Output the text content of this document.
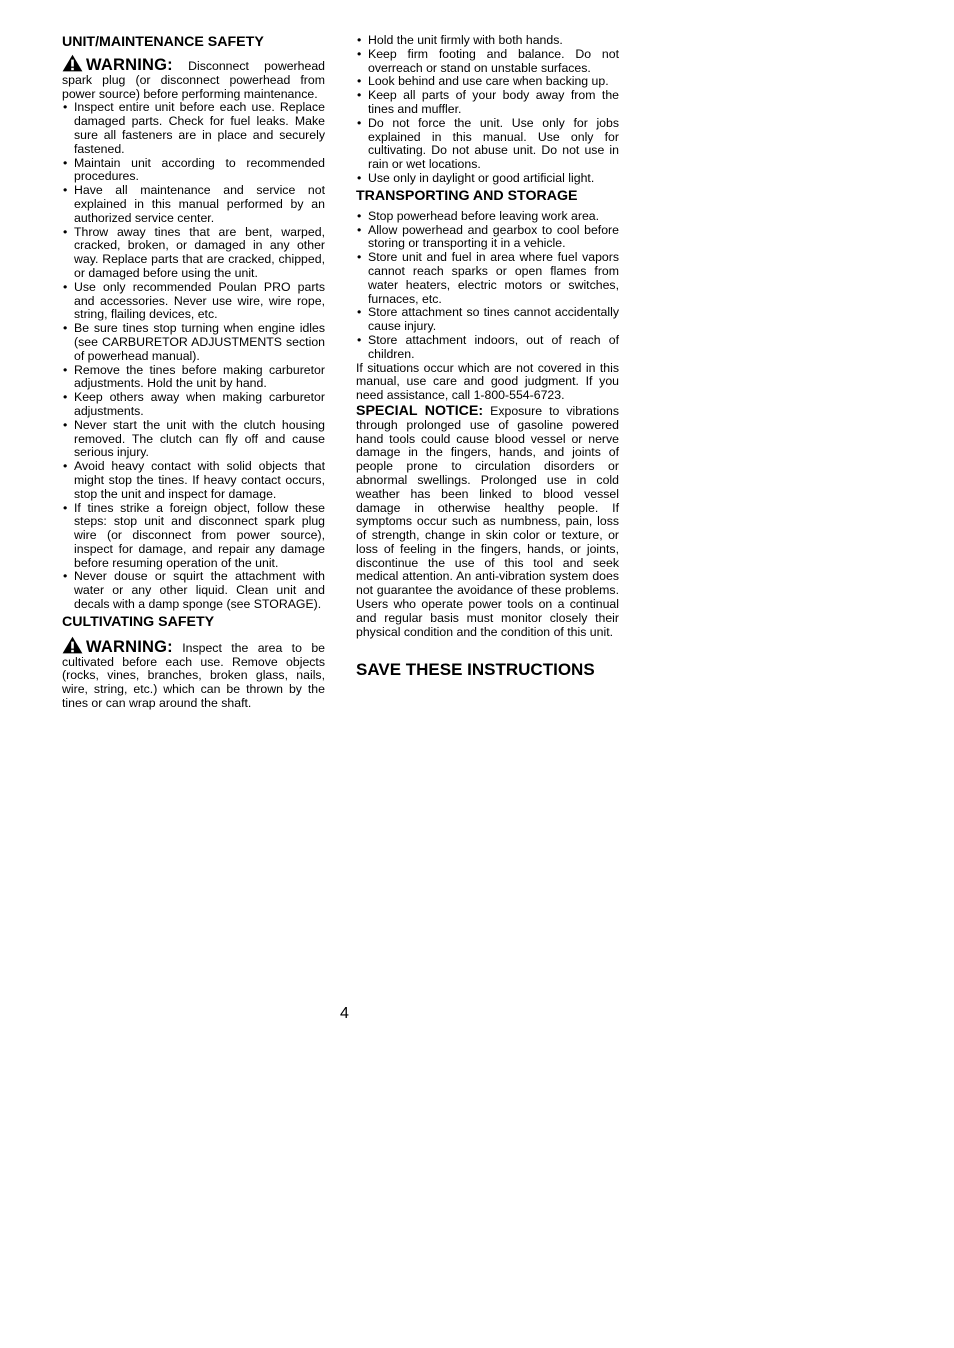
UNIT/MAINTENANCE SAFETY

WARNING: Disconnect powerhead spark plug (or disconnect powerhead from power source) before performing maintenance.

• Inspect entire unit before each use. Replace damaged parts. Check for fuel leaks. Make sure all fasteners are in place and securely fastened.
• Maintain unit according to recommended procedures.
• Have all maintenance and service not explained in this manual performed by an authorized service center.
• Throw away tines that are bent, warped, cracked, broken, or damaged in any other way. Replace parts that are cracked, chipped, or damaged before using the unit.
• Use only recommended Poulan PRO parts and accessories. Never use wire, wire rope, string, flailing devices, etc.
• Be sure tines stop turning when engine idles (see CARBURETOR ADJUSTMENTS section of powerhead manual).
• Remove the tines before making carburetor adjustments. Hold the unit by hand.
• Keep others away when making carburetor adjustments.
• Never start the unit with the clutch housing removed. The clutch can fly off and cause serious injury.
• Avoid heavy contact with solid objects that might stop the tines. If heavy contact occurs, stop the unit and inspect for damage.
• If tines strike a foreign object, follow these steps: stop unit and disconnect spark plug wire (or disconnect from power source), inspect for damage, and repair any damage before resuming operation of the unit.
• Never douse or squirt the attachment with water or any other liquid. Clean unit and decals with a damp sponge (see STORAGE).
CULTIVATING SAFETY

WARNING: Inspect the area to be cultivated before each use. Remove objects (rocks, vines, branches, broken glass, nails, wire, string, etc.) which can be thrown by the tines or can wrap around the shaft.

• Hold the unit firmly with both hands.
• Keep firm footing and balance. Do not overreach or stand on unstable surfaces.
• Look behind and use care when backing up.
• Keep all parts of your body away from the tines and muffler.
• Do not force the unit. Use only for jobs explained in this manual. Use only for cultivating. Do not abuse unit. Do not use in rain or wet locations.
• Use only in daylight or good artificial light.
TRANSPORTING AND STORAGE
• Stop powerhead before leaving work area.
• Allow powerhead and gearbox to cool before storing or transporting it in a vehicle.
• Store unit and fuel in area where fuel vapors cannot reach sparks or open flames from water heaters, electric motors or switches, furnaces, etc.
• Store attachment so tines cannot accidentally cause injury.
• Store attachment indoors, out of reach of children.

If situations occur which are not covered in this manual, use care and good judgment. If you need assistance, call 1-800-554-6723.

SPECIAL NOTICE: Exposure to vibrations through prolonged use of gasoline powered hand tools could cause blood vessel or nerve damage in the fingers, hands, and joints of people prone to circulation disorders or abnormal swellings. Prolonged use in cold weather has been linked to blood vessel damage in otherwise healthy people. If symptoms occur such as numbness, pain, loss of strength, change in skin color or texture, or loss of feeling in the fingers, hands, or joints, discontinue the use of this tool and seek medical attention. An anti-vibration system does not guarantee the avoidance of these problems. Users who operate power tools on a continual and regular basis must monitor closely their physical condition and the condition of this unit.

SAVE THESE INSTRUCTIONS
4
